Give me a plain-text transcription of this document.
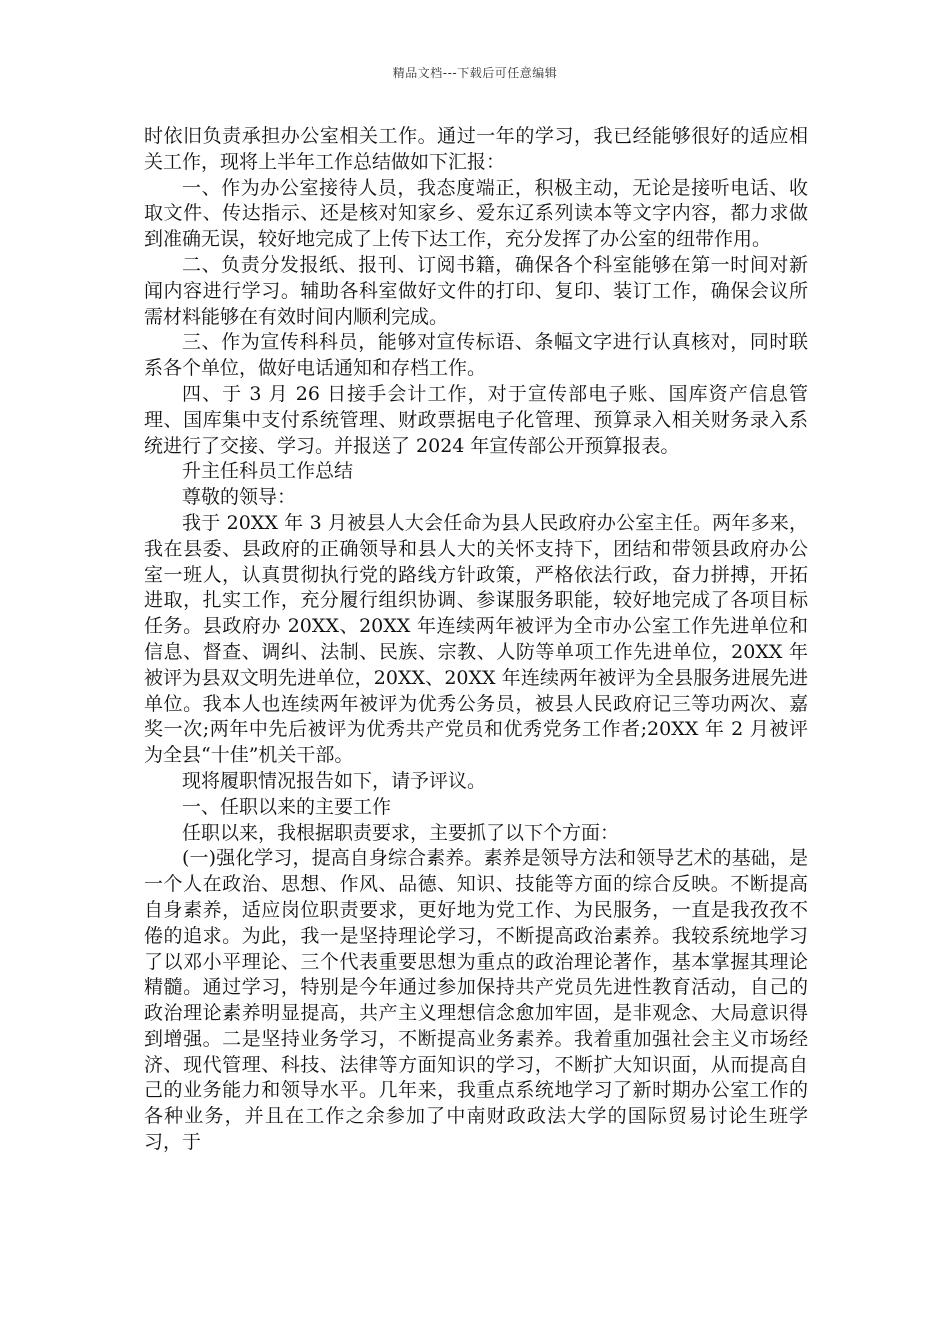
精品文档---下载后可任意编辑

时依旧负责承担办公室相关工作。通过一年的学习，我已经能够很好的适应相关工作，现将上半年工作总结做如下汇报：

一、作为办公室接待人员，我态度端正，积极主动，无论是接听电话、收取文件、传达指示、还是核对知家乡、爱东辽系列读本等文字内容，都力求做到准确无误，较好地完成了上传下达工作，充分发挥了办公室的纽带作用。

二、负责分发报纸、报刊、订阅书籍，确保各个科室能够在第一时间对新闻内容进行学习。辅助各科室做好文件的打印、复印、装订工作，确保会议所需材料能够在有效时间内顺利完成。

三、作为宣传科科员，能够对宣传标语、条幅文字进行认真核对，同时联系各个单位，做好电话通知和存档工作。

四、于 3 月 26 日接手会计工作，对于宣传部电子账、国库资产信息管理、国库集中支付系统管理、财政票据电子化管理、预算录入相关财务录入系统进行了交接、学习。并报送了 2024 年宣传部公开预算报表。

升主任科员工作总结

尊敬的领导：

我于 20XX 年 3 月被县人大会任命为县人民政府办公室主任。两年多来，我在县委、县政府的正确领导和县人大的关怀支持下，团结和带领县政府办公室一班人，认真贯彻执行党的路线方针政策，严格依法行政，奋力拼搏，开拓进取，扎实工作，充分履行组织协调、参谋服务职能，较好地完成了各项目标任务。县政府办 20XX、20XX 年连续两年被评为全市办公室工作先进单位和信息、督查、调纠、法制、民族、宗教、人防等单项工作先进单位，20XX 年被评为县双文明先进单位，20XX、20XX 年连续两年被评为全县服务进展先进单位。我本人也连续两年被评为优秀公务员，被县人民政府记三等功两次、嘉奖一次;两年中先后被评为优秀共产党员和优秀党务工作者;20XX 年 2 月被评为全县“十佳”机关干部。

现将履职情况报告如下，请予评议。

一、任职以来的主要工作

任职以来，我根据职责要求，主要抓了以下个方面：

(一)强化学习，提高自身综合素养。素养是领导方法和领导艺术的基础，是一个人在政治、思想、作风、品德、知识、技能等方面的综合反映。不断提高自身素养，适应岗位职责要求，更好地为党工作、为民服务，一直是我孜孜不倦的追求。为此，我一是坚持理论学习，不断提高政治素养。我较系统地学习了以邓小平理论、三个代表重要思想为重点的政治理论著作，基本掌握其理论精髓。通过学习，特别是今年通过参加保持共产党员先进性教育活动，自己的政治理论素养明显提高，共产主义理想信念愈加牢固，是非观念、大局意识得到增强。二是坚持业务学习，不断提高业务素养。我着重加强社会主义市场经济、现代管理、科技、法律等方面知识的学习，不断扩大知识面，从而提高自己的业务能力和领导水平。几年来，我重点系统地学习了新时期办公室工作的各种业务，并且在工作之余参加了中南财政政法大学的国际贸易讨论生班学习，于
